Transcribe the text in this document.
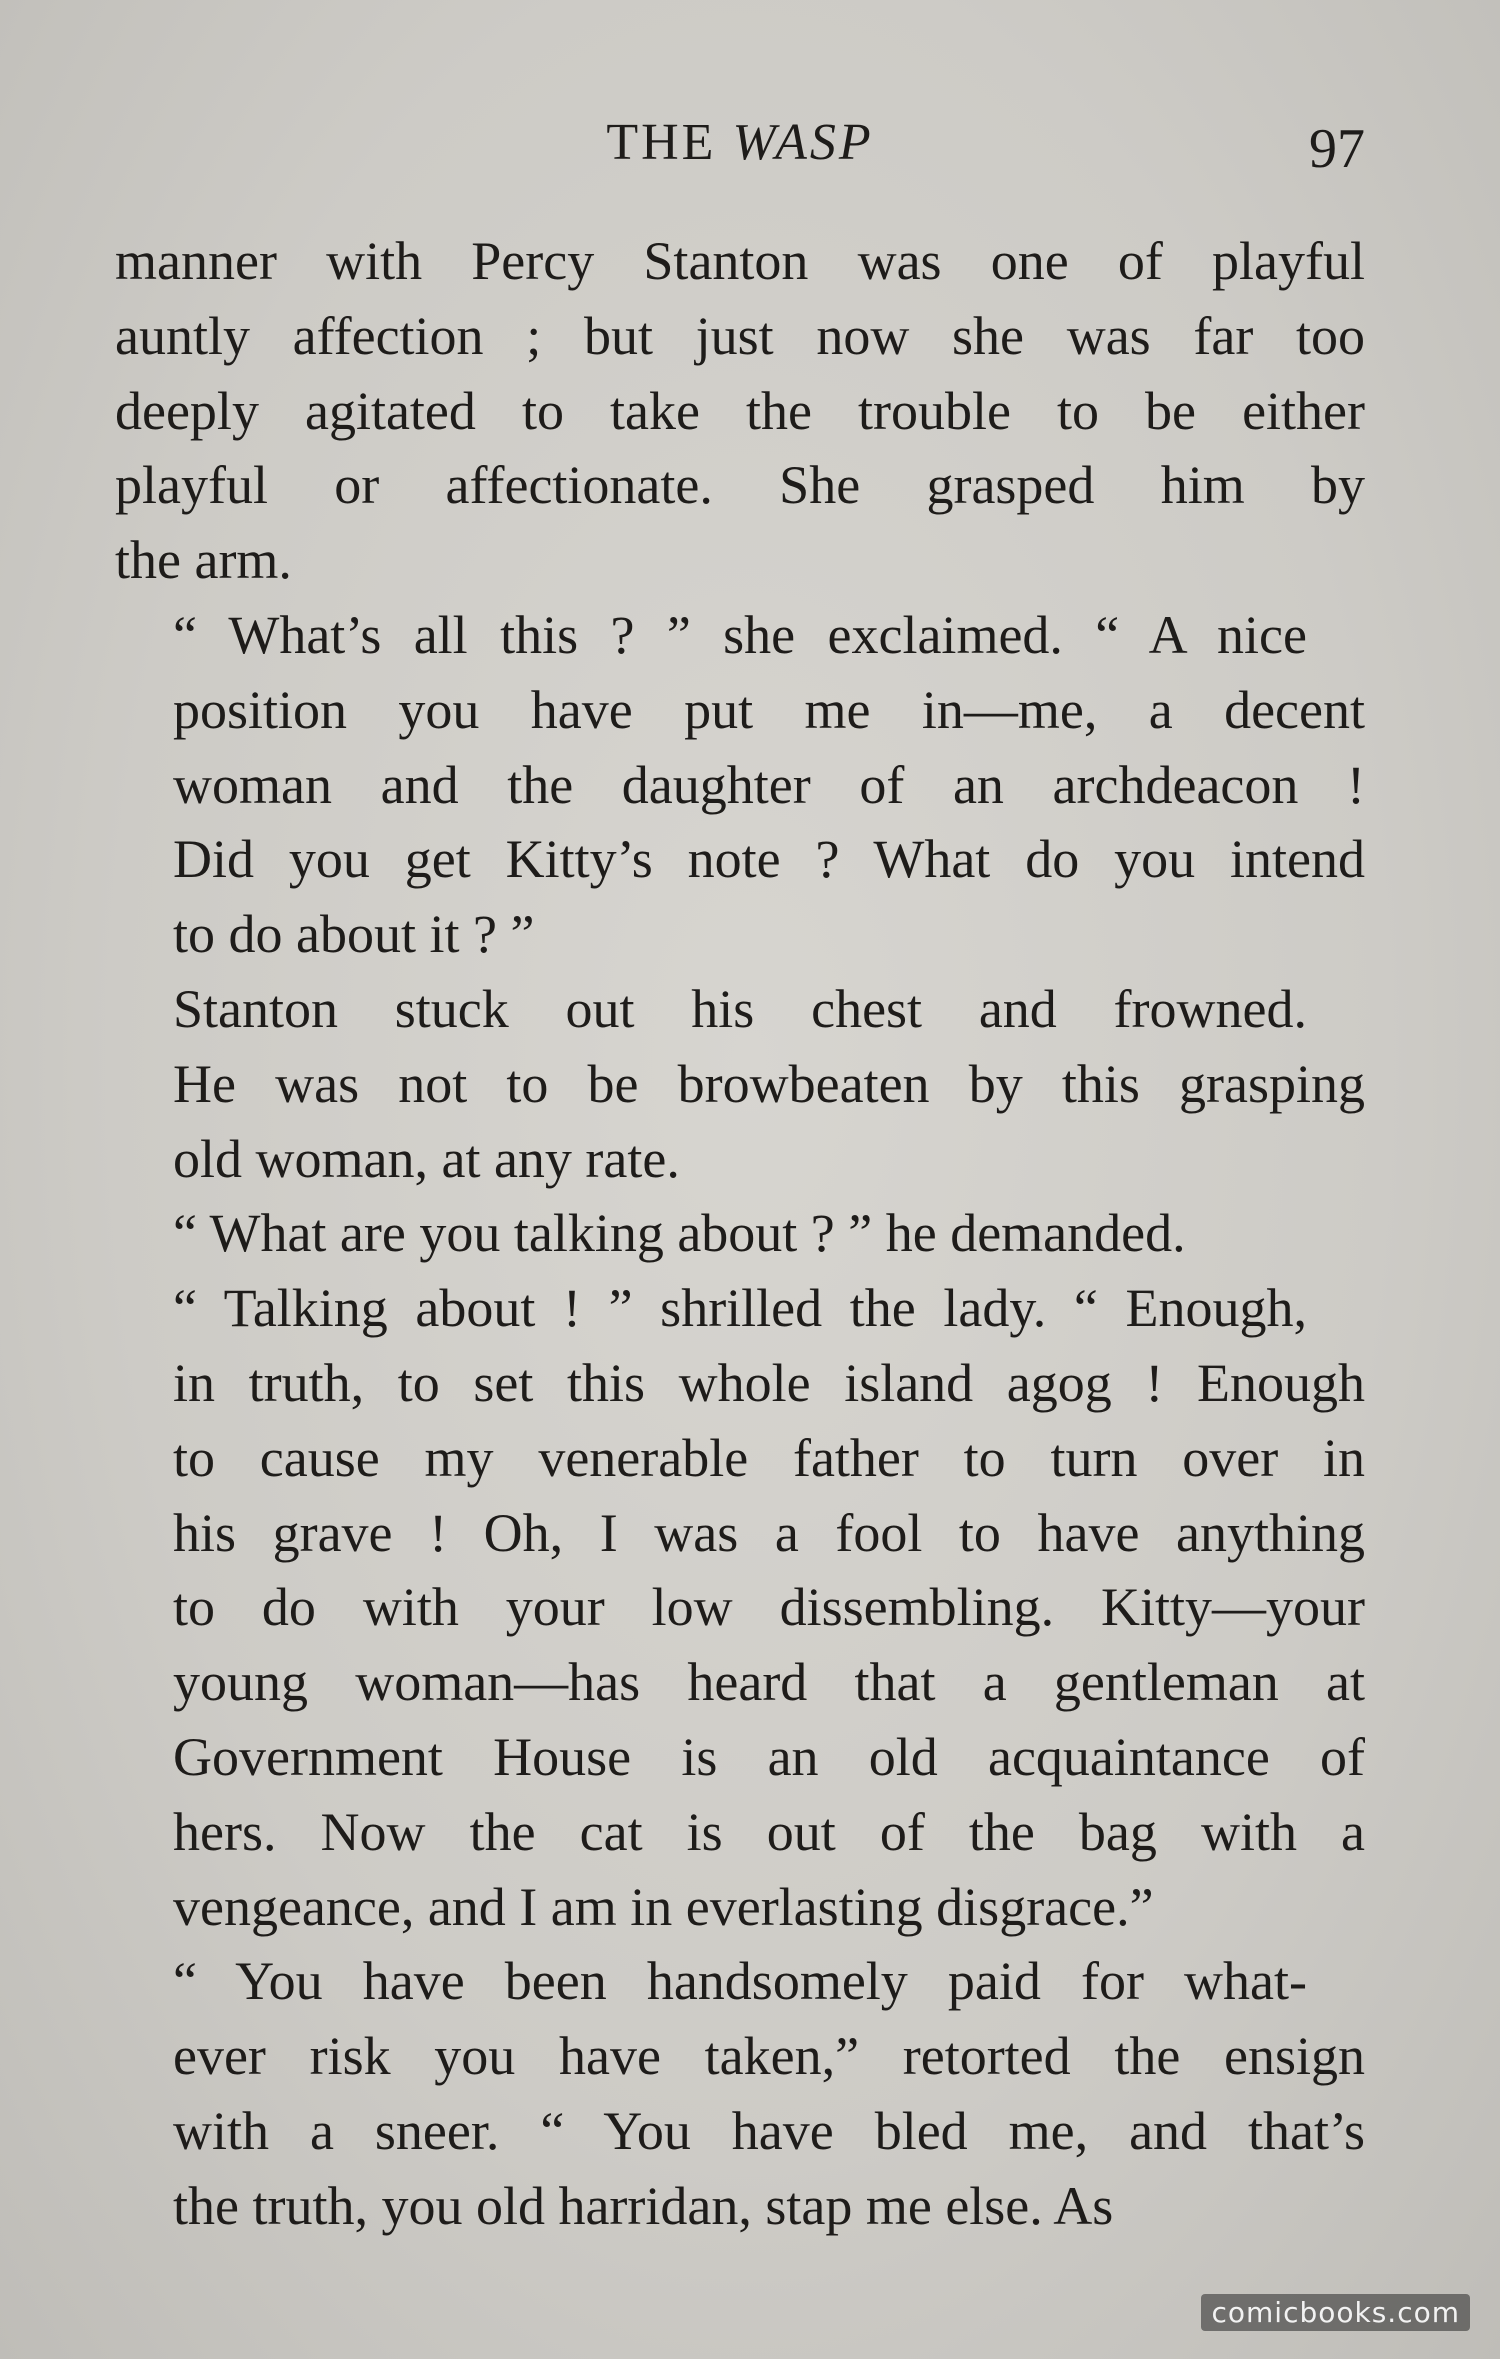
THE WASP	97

manner with Percy Stanton was one of playful
auntly affection ; but just now she was far too
deeply agitated to take the trouble to be either
playful or affectionate. She grasped him by
the arm.

“ What’s all this ? ” she exclaimed. “ A nice
position you have put me in—me, a decent
woman and the daughter of an archdeacon !
Did you get Kitty’s note ? What do you intend
to do about it ? ”

Stanton stuck out his chest and frowned.
He was not to be browbeaten by this grasping
old woman, at any rate.

“ What are you talking about ? ” he demanded.

“ Talking about ! ” shrilled the lady. “ Enough,
in truth, to set this whole island agog ! Enough
to cause my venerable father to turn over in
his grave ! Oh, I was a fool to have anything
to do with your low dissembling. Kitty—your
young woman—has heard that a gentleman at
Government House is an old acquaintance of
hers. Now the cat is out of the bag with a
vengeance, and I am in everlasting disgrace.”

“ You have been handsomely paid for what-
ever risk you have taken,” retorted the ensign
with a sneer. “ You have bled me, and that’s
the truth, you old harridan, stap me else. As

comicbooks.com
